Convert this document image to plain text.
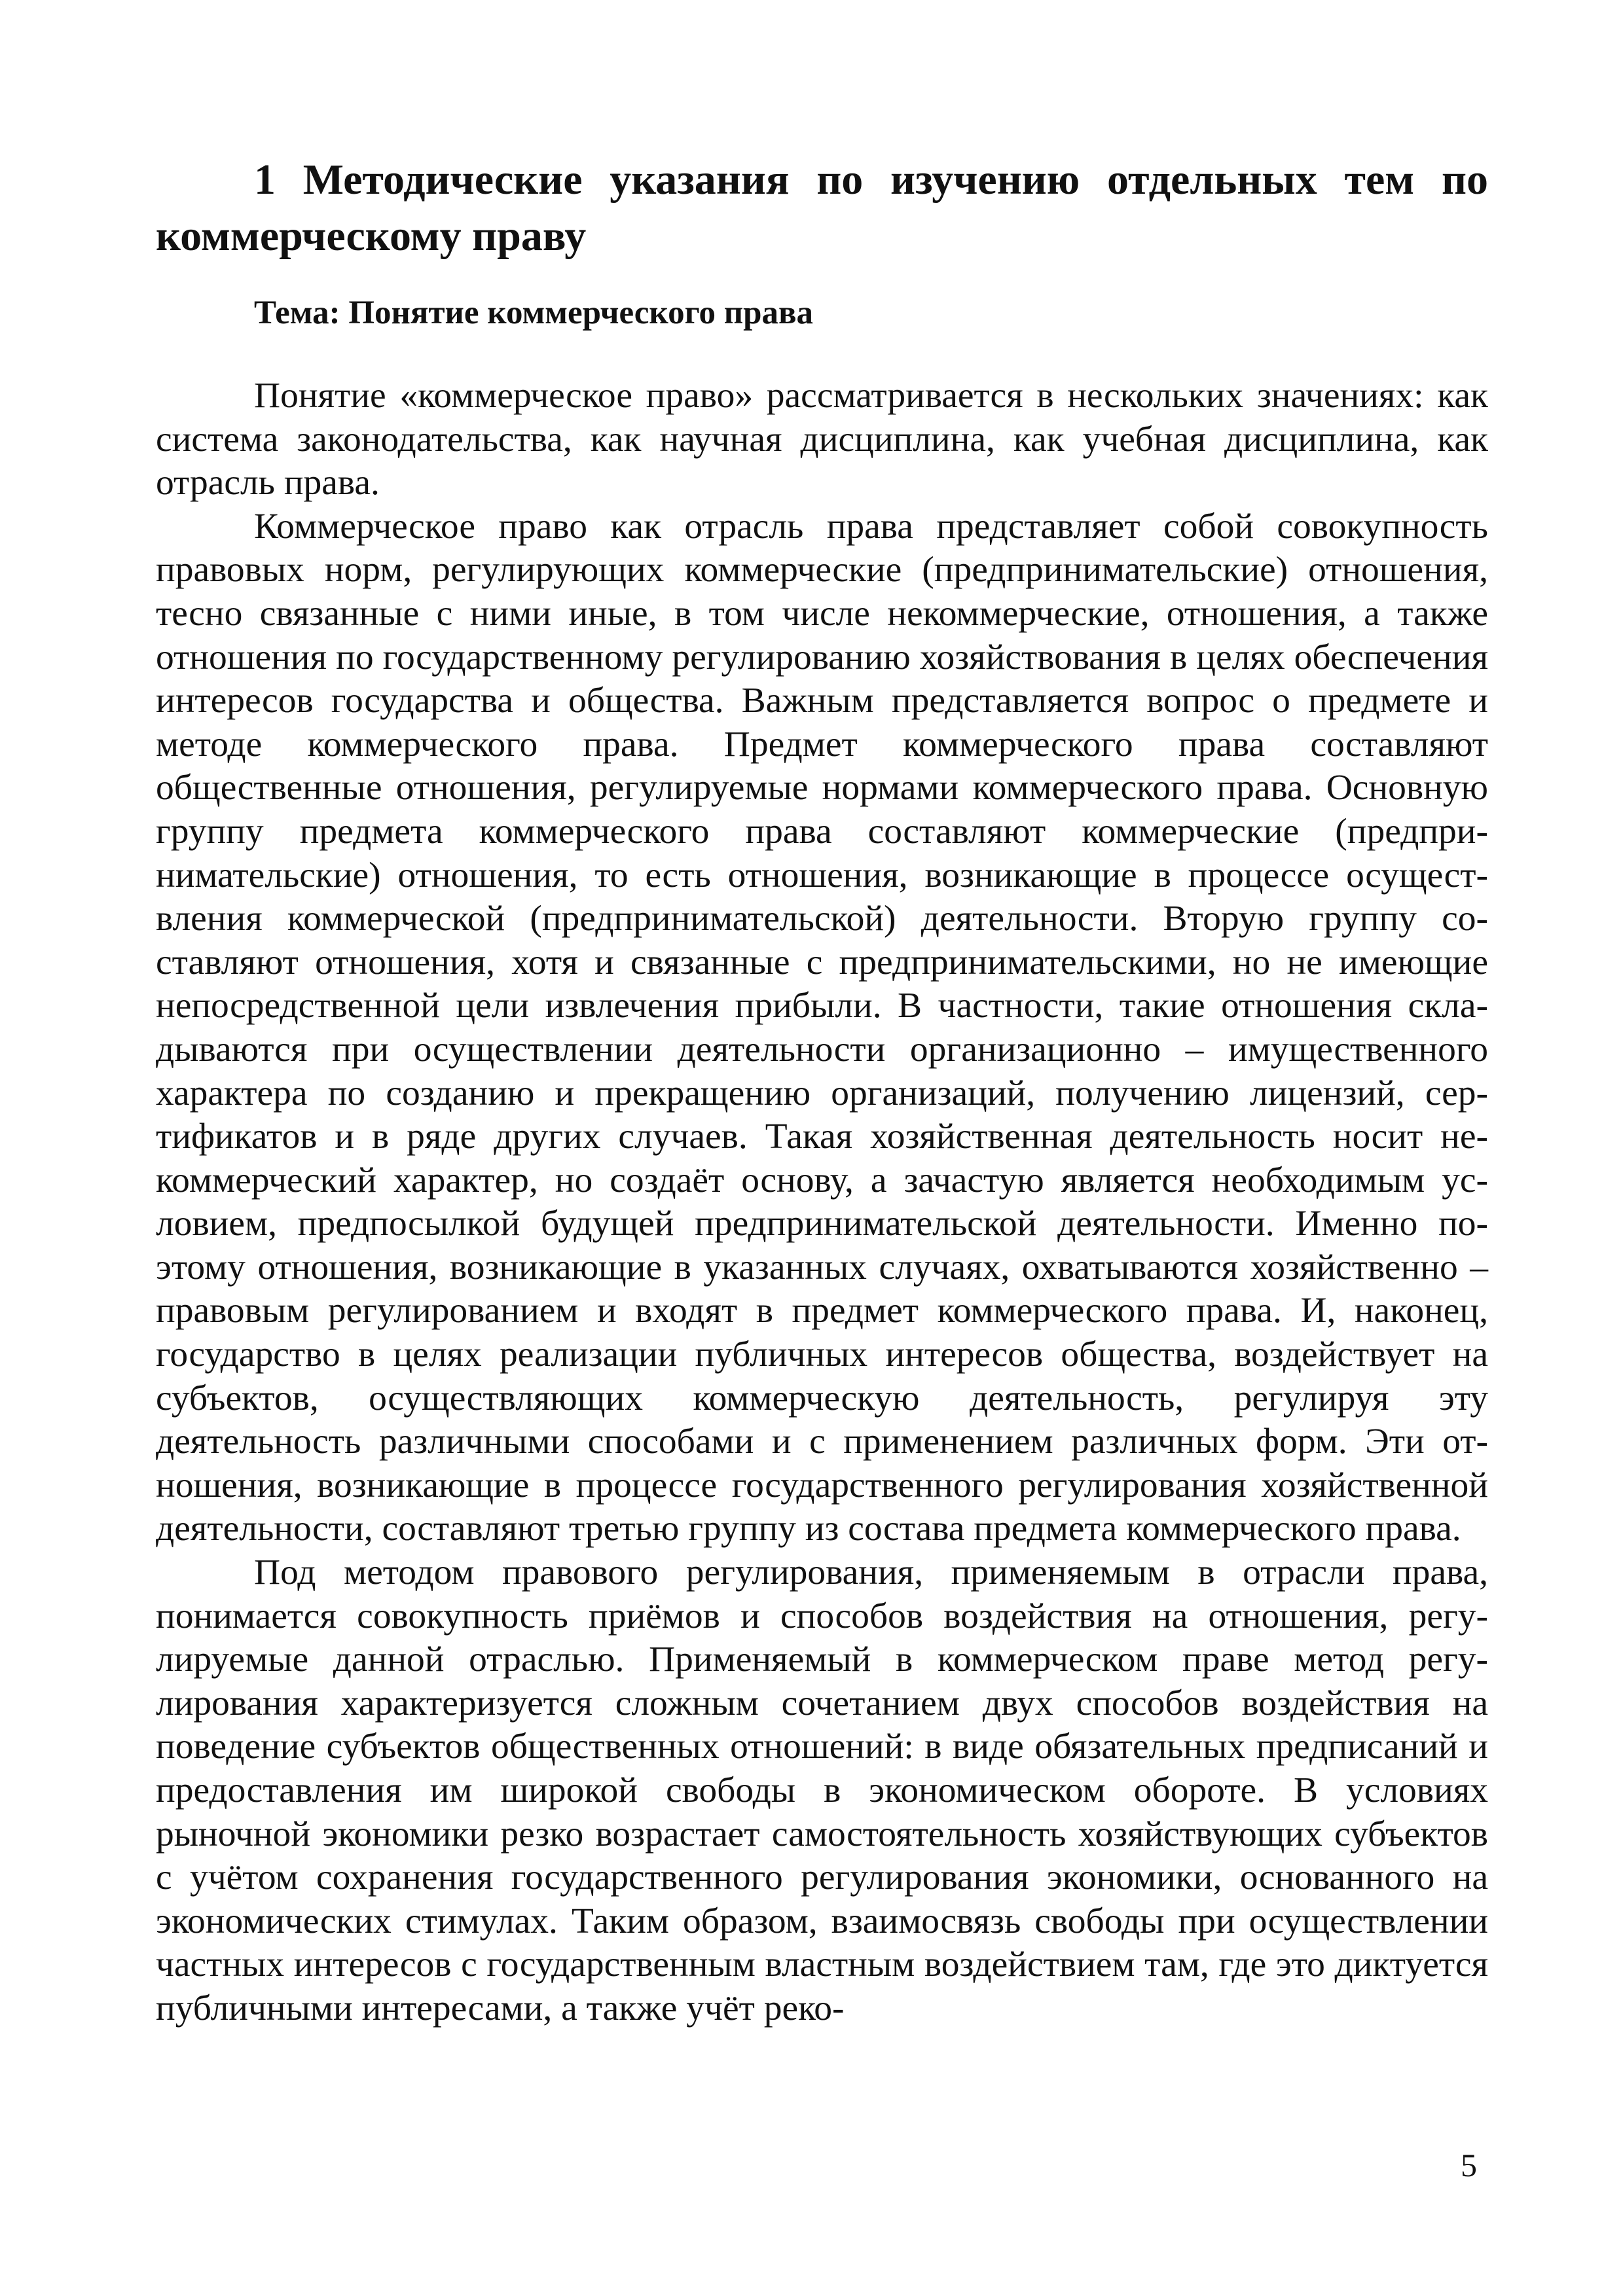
1 Методические указания по изучению отдельных тем по коммерческому праву
Тема: Понятие коммерческого права

Понятие «коммерческое право» рассматривается в нескольких значениях: как система законодательства, как научная дисциплина, как учебная дисциплина, как отрасль права.

Коммерческое право как отрасль права представляет собой совокупность правовых норм, регулирующих коммерческие (предпринимательские) отношения, тесно связанные с ними иные, в том числе некоммерческие, отношения, а также отношения по государственному регулированию хозяйствования в целях обеспечения интересов государства и общества. Важным представляется вопрос о предмете и методе коммерческого права. Предмет коммерческого права составляют общественные отношения, регулируемые нормами коммерческого права. Основную группу предмета коммерческого права составляют коммерческие (предпринимательские) отношения, то есть отношения, возникающие в процессе осуществления коммерческой (предпринимательской) деятельности. Вторую группу составляют отношения, хотя и связанные с предпринимательскими, но не имеющие непосредственной цели извлечения прибыли. В частности, такие отношения складываются при осуществлении деятельности организационно – имущественного характера по созданию и прекращению организаций, получению лицензий, сертификатов и в ряде других случаев. Такая хозяйственная деятельность носит некоммерческий характер, но создаёт основу, а зачастую является необходимым условием, предпосылкой будущей предпринимательской деятельности. Именно поэтому отношения, возникающие в указанных случаях, охватываются хозяйственно – правовым регулированием и входят в предмет коммерческого права. И, наконец, государство в целях реализации публичных интересов общества, воздействует на субъектов, осуществляющих коммерческую деятельность, регулируя эту деятельность различными способами и с применением различных форм. Эти отношения, возникающие в процессе государственного регулирования хозяйственной деятельности, составляют третью группу из состава предмета коммерческого права.

Под методом правового регулирования, применяемым в отрасли права, понимается совокупность приёмов и способов воздействия на отношения, регулируемые данной отраслью. Применяемый в коммерческом праве метод регулирования характеризуется сложным сочетанием двух способов воздействия на поведение субъектов общественных отношений: в виде обязательных предписаний и предоставления им широкой свободы в экономическом обороте. В условиях рыночной экономики резко возрастает самостоятельность хозяйствующих субъектов с учётом сохранения государственного регулирования экономики, основанного на экономических стимулах. Таким образом, взаимосвязь свободы при осуществлении частных интересов с государственным властным воздействием там, где это диктуется публичными интересами, а также учёт реко-

5
